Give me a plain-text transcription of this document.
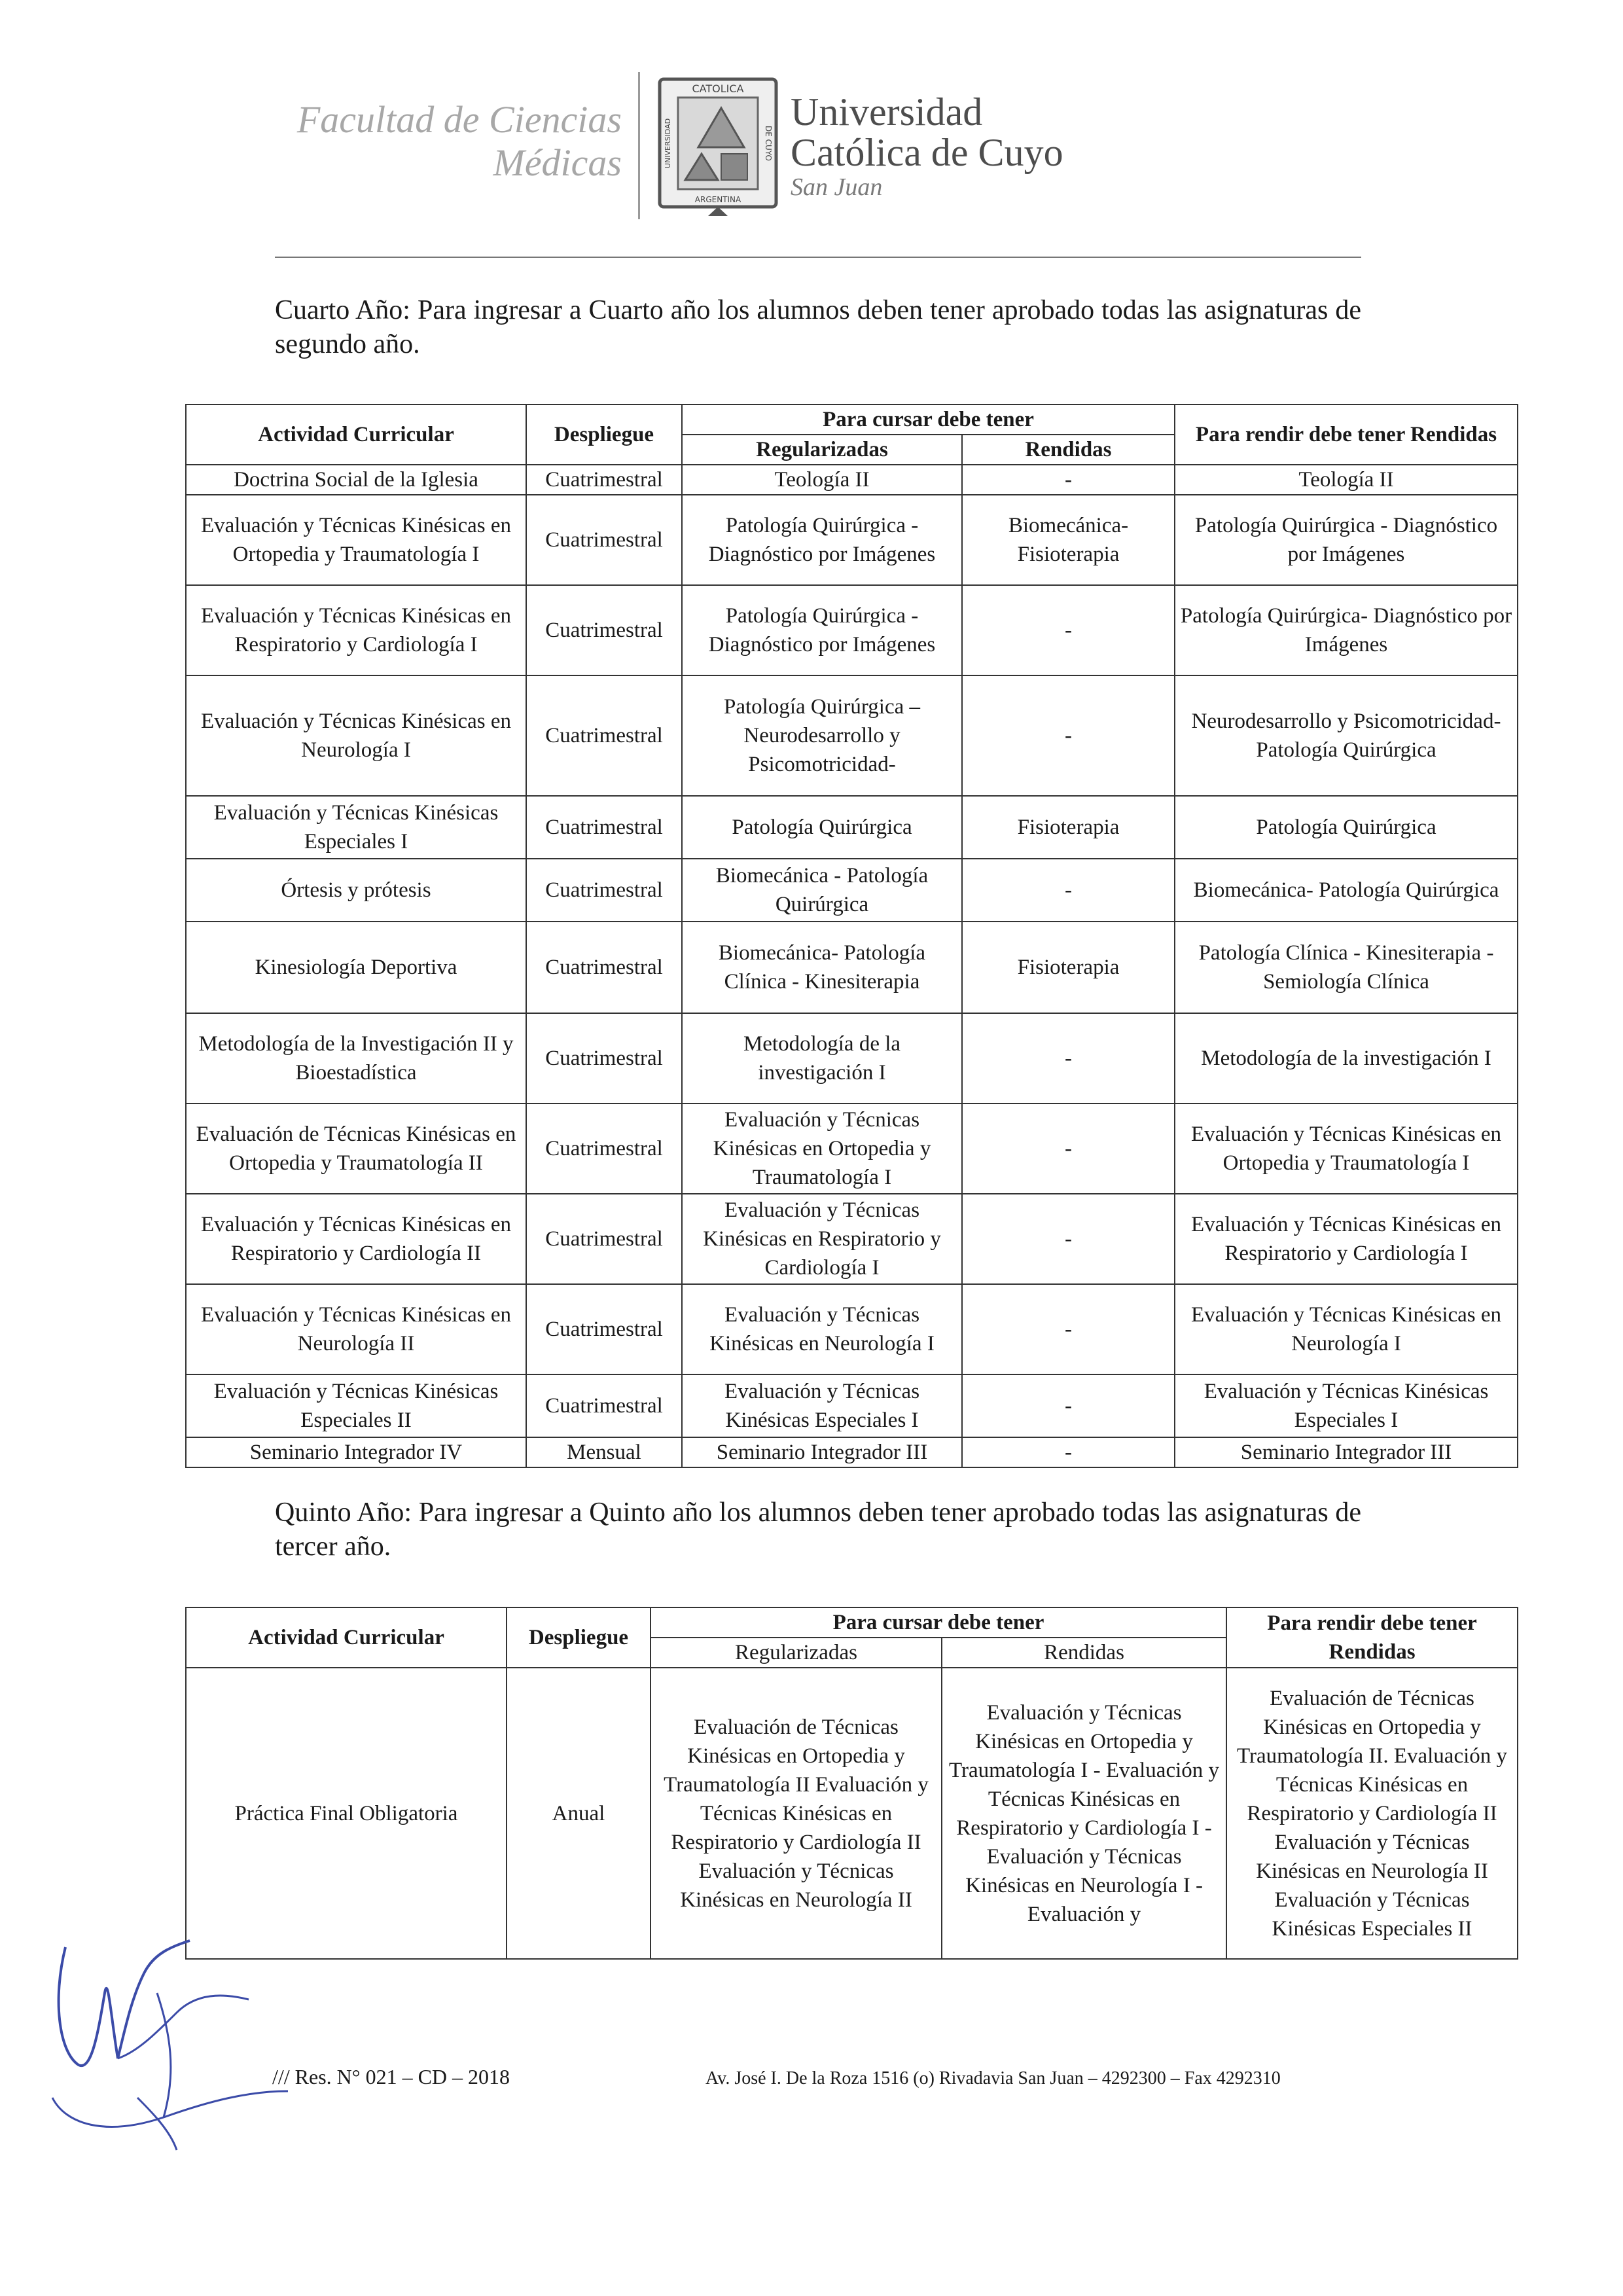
Facultad de Ciencias
Médicas
CATOLICA
ARGENTINA
UNIVERSIDAD	DE CUYO
Universidad
Católica de Cuyo
San Juan
Cuarto Año: Para ingresar a Cuarto año los alumnos deben tener aprobado todas las asignaturas de segundo año.
Actividad Curricular	Despliegue	Para cursar debe tener		Para rendir debe tener Rendidas
		Regularizadas	Rendidas	
Doctrina Social de la Iglesia	Cuatrimestral	Teología II	-	Teología II
Evaluación y Técnicas Kinésicas en Ortopedia y Traumatología I	Cuatrimestral	Patología Quirúrgica - Diagnóstico por Imágenes	Biomecánica- Fisioterapia	Patología Quirúrgica - Diagnóstico por Imágenes
Evaluación y Técnicas Kinésicas en Respiratorio y Cardiología I	Cuatrimestral	Patología Quirúrgica - Diagnóstico por Imágenes	-	Patología Quirúrgica- Diagnóstico por Imágenes
Evaluación y Técnicas Kinésicas en Neurología I	Cuatrimestral	Patología Quirúrgica – Neurodesarrollo y Psicomotricidad-	-	Neurodesarrollo y Psicomotricidad- Patología Quirúrgica
Evaluación y Técnicas Kinésicas Especiales I	Cuatrimestral	Patología Quirúrgica	Fisioterapia	Patología Quirúrgica
Órtesis y prótesis	Cuatrimestral	Biomecánica - Patología Quirúrgica	-	Biomecánica- Patología Quirúrgica
Kinesiología Deportiva	Cuatrimestral	Biomecánica- Patología Clínica - Kinesiterapia	Fisioterapia	Patología Clínica - Kinesiterapia - Semiología Clínica
Metodología de la Investigación II y Bioestadística	Cuatrimestral	Metodología de la investigación I	-	Metodología de la investigación I
Evaluación de Técnicas Kinésicas en Ortopedia y Traumatología II	Cuatrimestral	Evaluación y Técnicas Kinésicas en Ortopedia y Traumatología I	-	Evaluación y Técnicas Kinésicas en Ortopedia y Traumatología I
Evaluación y Técnicas Kinésicas en Respiratorio y Cardiología II	Cuatrimestral	Evaluación y Técnicas Kinésicas en Respiratorio y Cardiología I	-	Evaluación y Técnicas Kinésicas en Respiratorio y Cardiología I
Evaluación y Técnicas Kinésicas en Neurología II	Cuatrimestral	Evaluación y Técnicas Kinésicas en Neurología I	-	Evaluación y Técnicas Kinésicas en Neurología I
Evaluación y Técnicas Kinésicas Especiales II	Cuatrimestral	Evaluación y Técnicas Kinésicas Especiales I	-	Evaluación y Técnicas Kinésicas Especiales I
Seminario Integrador IV	Mensual	Seminario Integrador III	-	Seminario Integrador III
Quinto Año: Para ingresar a Quinto año los alumnos deben tener aprobado todas las asignaturas de tercer año.
Actividad Curricular	Despliegue	Para cursar debe tener		Para rendir debe tener Rendidas
		Regularizadas	Rendidas	
Práctica Final Obligatoria	Anual	Evaluación de Técnicas Kinésicas en Ortopedia y Traumatología II Evaluación y Técnicas Kinésicas en Respiratorio y Cardiología II Evaluación y Técnicas Kinésicas en Neurología II	Evaluación y Técnicas Kinésicas en Ortopedia y Traumatología I - Evaluación y Técnicas Kinésicas en Respiratorio y Cardiología I - Evaluación y Técnicas Kinésicas en Neurología I - Evaluación y	Evaluación de Técnicas Kinésicas en Ortopedia y Traumatología II. Evaluación y Técnicas Kinésicas en Respiratorio y Cardiología II Evaluación y Técnicas Kinésicas en Neurología II Evaluación y Técnicas Kinésicas Especiales II
/// Res. N° 021 – CD – 2018	Av. José I. De la Roza 1516 (o) Rivadavia San Juan – 4292300 – Fax 4292310
